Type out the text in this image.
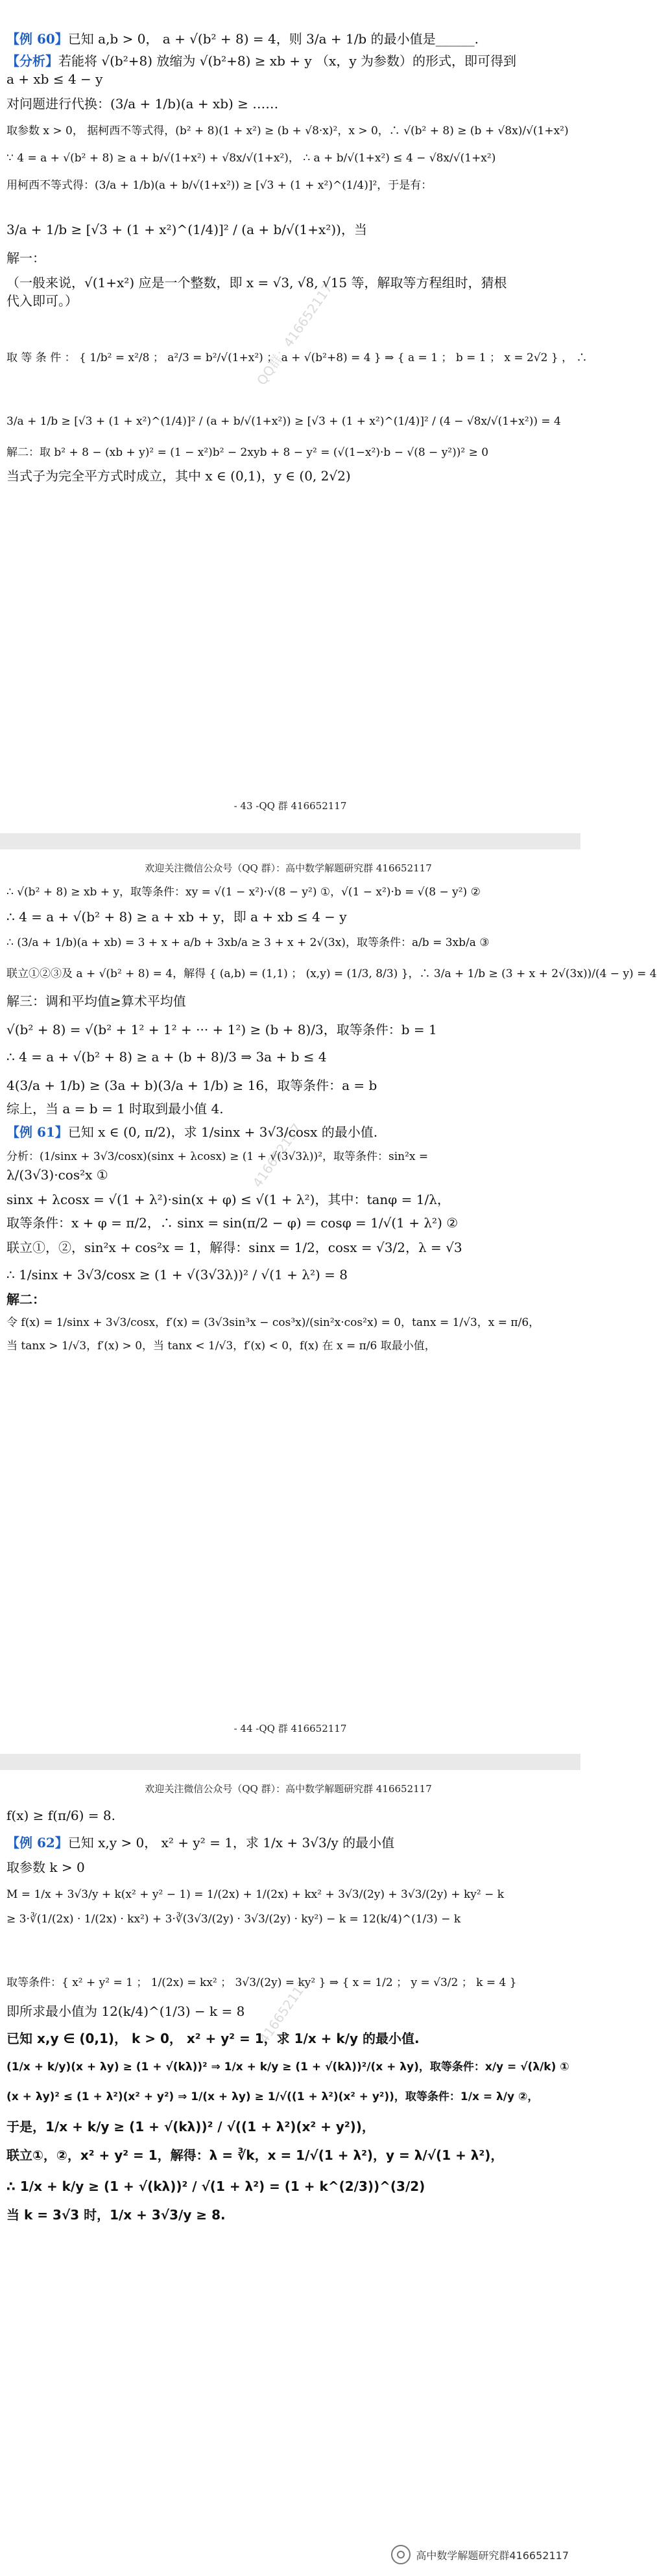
【例 60】已知 a,b > 0， a + √(b² + 8) = 4，则 3/a + 1/b 的最小值是______.
【分析】若能将 √(b²+8) 放缩为 √(b²+8) ≥ xb + y （x，y 为参数）的形式，即可得到
a + xb ≤ 4 − y
对问题进行代换：(3/a + 1/b)(a + xb) ≥ ……
取参数 x > 0， 据柯西不等式得，(b² + 8)(1 + x²) ≥ (b + √8·x)²，x > 0，∴ √(b² + 8) ≥ (b + √8x)/√(1+x²)
∵ 4 = a + √(b² + 8) ≥ a + b/√(1+x²) + √8x/√(1+x²)， ∴ a + b/√(1+x²) ≤ 4 − √8x/√(1+x²)
用柯西不等式得：(3/a + 1/b)(a + b/√(1+x²)) ≥ [√3 + (1 + x²)^(1/4)]²，于是有：
3/a + 1/b ≥ [√3 + (1 + x²)^(1/4)]² / (a + b/√(1+x²))，当
解一：
（一般来说，√(1+x²) 应是一个整数，即 x = √3, √8, √15 等，解取等方程组时，猜根
代入即可。）
取 等 条 件 ： { 1/b² = x²/8 ； a²/3 = b²/√(1+x²) ； a + √(b²+8) = 4 } ⇒ { a = 1 ； b = 1 ； x = 2√2 } ， ∴
3/a + 1/b ≥ [√3 + (1 + x²)^(1/4)]² / (a + b/√(1+x²)) ≥ [√3 + (1 + x²)^(1/4)]² / (4 − √8x/√(1+x²)) = 4
解二：取 b² + 8 − (xb + y)² = (1 − x²)b² − 2xyb + 8 − y² = (√(1−x²)·b − √(8 − y²))² ≥ 0
当式子为完全平方式时成立，其中 x ∈ (0,1)，y ∈ (0, 2√2)
- 43 -QQ 群 416652117
QQ群：416652117
欢迎关注微信公众号（QQ 群）：高中数学解题研究群 416652117
∴ √(b² + 8) ≥ xb + y，取等条件：xy = √(1 − x²)·√(8 − y²) ①，√(1 − x²)·b = √(8 − y²) ②
∴ 4 = a + √(b² + 8) ≥ a + xb + y，即 a + xb ≤ 4 − y
∴ (3/a + 1/b)(a + xb) = 3 + x + a/b + 3xb/a ≥ 3 + x + 2√(3x)，取等条件：a/b = 3xb/a ③
联立①②③及 a + √(b² + 8) = 4，解得 { (a,b) = (1,1) ； (x,y) = (1/3, 8/3) }，∴ 3/a + 1/b ≥ (3 + x + 2√(3x))/(4 − y) = 4
解三：调和平均值≥算术平均值
√(b² + 8) = √(b² + 1² + 1² + ··· + 1²) ≥ (b + 8)/3，取等条件：b = 1
∴ 4 = a + √(b² + 8) ≥ a + (b + 8)/3 ⇒ 3a + b ≤ 4
4(3/a + 1/b) ≥ (3a + b)(3/a + 1/b) ≥ 16，取等条件：a = b
综上，当 a = b = 1 时取到最小值 4.
【例 61】已知 x ∈ (0, π/2)，求 1/sinx + 3√3/cosx 的最小值.
分析：(1/sinx + 3√3/cosx)(sinx + λcosx) ≥ (1 + √(3√3λ))²，取等条件：sin²x =
λ/(3√3)·cos²x ①
sinx + λcosx = √(1 + λ²)·sin(x + φ) ≤ √(1 + λ²)，其中：tanφ = 1/λ，
取等条件：x + φ = π/2，∴ sinx = sin(π/2 − φ) = cosφ = 1/√(1 + λ²) ②
联立①，②，sin²x + cos²x = 1，解得：sinx = 1/2，cosx = √3/2，λ = √3
∴ 1/sinx + 3√3/cosx ≥ (1 + √(3√3λ))² / √(1 + λ²) = 8
解二：
令 f(x) = 1/sinx + 3√3/cosx，f′(x) = (3√3sin³x − cos³x)/(sin²x·cos²x) = 0，tanx = 1/√3，x = π/6，
当 tanx > 1/√3，f′(x) > 0，当 tanx < 1/√3，f′(x) < 0，f(x) 在 x = π/6 取最小值，
- 44 -QQ 群 416652117
416652117
欢迎关注微信公众号（QQ 群）：高中数学解题研究群 416652117
f(x) ≥ f(π/6) = 8.
【例 62】已知 x,y > 0， x² + y² = 1，求 1/x + 3√3/y 的最小值
取参数 k > 0
M = 1/x + 3√3/y + k(x² + y² − 1) = 1/(2x) + 1/(2x) + kx² + 3√3/(2y) + 3√3/(2y) + ky² − k
≥ 3·∛(1/(2x) · 1/(2x) · kx²) + 3·∛(3√3/(2y) · 3√3/(2y) · ky²) − k = 12(k/4)^(1/3) − k
取等条件：{ x² + y² = 1 ； 1/(2x) = kx² ； 3√3/(2y) = ky² } ⇒ { x = 1/2 ； y = √3/2 ； k = 4 }
即所求最小值为 12(k/4)^(1/3) − k = 8
已知 x,y ∈ (0,1)， k > 0， x² + y² = 1，求 1/x + k/y 的最小值.
(1/x + k/y)(x + λy) ≥ (1 + √(kλ))² ⇒ 1/x + k/y ≥ (1 + √(kλ))²/(x + λy)，取等条件：x/y = √(λ/k) ①
(x + λy)² ≤ (1 + λ²)(x² + y²) ⇒ 1/(x + λy) ≥ 1/√((1 + λ²)(x² + y²))，取等条件：1/x = λ/y ②，
于是，1/x + k/y ≥ (1 + √(kλ))² / √((1 + λ²)(x² + y²))，
联立①，②，x² + y² = 1，解得：λ = ∛k，x = 1/√(1 + λ²)，y = λ/√(1 + λ²)，
∴ 1/x + k/y ≥ (1 + √(kλ))² / √(1 + λ²) = (1 + k^(2/3))^(3/2)
当 k = 3√3 时，1/x + 3√3/y ≥ 8.
416652117
高中数学解题研究群416652117
